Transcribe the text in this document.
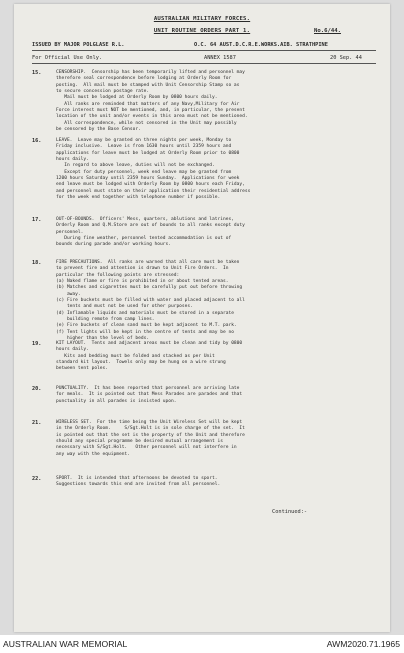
AUSTRALIAN MILITARY FORCES.
UNIT ROUTINE ORDERS PART 1.	No.6/44.
ISSUED BY MAJOR POLGLASE R.L.	O.C. 64 AUST.D.C.R.E.WORKS.AIB. STRATHPINE
For Official Use Only.	ANNEX 1587	20 Sep. 44
15.	CENSORSHIP.  Censorship has been temporarily lifted and personnel may
therefore seal correspondence before lodging at Orderly Room for
posting.  All mail must be stamped with Unit Censorship Stamp so as
to secure concession postage rate.
Mail must be lodged at Orderly Room by 0800 hours daily.
All ranks are reminded that matters of any Navy,Military for Air
Force interest must NOT be mentioned, and, in particular, the present
location of the unit and/or events in this area must not be mentioned.
All correspondence, while not censored in the Unit may possibly
be censored by the Base Censor.
16.	LEAVE.  Leave may be granted on three nights per week, Monday to
Friday inclusive.  Leave is from 1630 hours until 2359 hours and
applications for leave must be lodged at Orderly Room prior to 0800
hours daily.
In regard to above leave, duties will not be exchanged.
Except for duty personnel, week end leave may be granted from
1200 hours Saturday until 2359 hours Sunday.  Applications for week
end leave must be lodged with Orderly Room by 0800 hours each Friday,
and personnel must state on their application their residential address
for the week end together with telephone number if possible.
17.	OUT-OF-BOUNDS.  Officers' Mess, quarters, ablutions and latrines,
Orderly Room and Q.M.Store are out of bounds to all ranks except duty
personnel.
During fine weather, personnel tented accommodation is out of
bounds during parade and/or working hours.
18.	FIRE PRECAUTIONS.  All ranks are warned that all care must be taken
to prevent fire and attention is drawn to Unit Fire Orders.  In
particular the following points are stressed:
(a) Naked flame or fire is prohibited in or about tented areas.
(b) Matches and cigarettes must be carefully put out before throwing
away.
(c) Fire buckets must be filled with water and placed adjacent to all
tents and must not be used for other purposes.
(d) Inflamable liquids and materials must be stored in a separate
building remote from camp lines.
(e) Fire buckets of clean sand must be kept adjacent to M.T. park.
(f) Tent lights will be kept in the centre of tents and may be no
higher than the level of beds.
19.	KIT LAYOUT.  Tents and adjacent areas must be clean and tidy by 0800
hours daily.
Kits and bedding must be folded and stacked as per Unit
standard kit layout.  Towels only may be hung on a wire strung
between tent poles.
20.	PUNCTUALITY.  It has been reported that personnel are arriving late
for meals.  It is pointed out that Mess Parades are parades and that
punctuality in all parades is insisted upon.
21.	WIRELESS SET.  For the time being the Unit Wireless Set will be kept
in the Orderly Room.     S/Sgt.Holt is in sole charge of the set.  It
is pointed out that the set is the property of the Unit and therefore
should any special programme be desired mutual arrangement is
necessary with S/Sgt.Holt.   Other personnel will not interfere in
any way with the equipment.
22.	SPORT.  It is intended that afternoons be devoted to sport.
Suggestions towards this end are invited from all personnel.
Continued:-
AUSTRALIAN WAR MEMORIAL	AWM2020.71.1965
